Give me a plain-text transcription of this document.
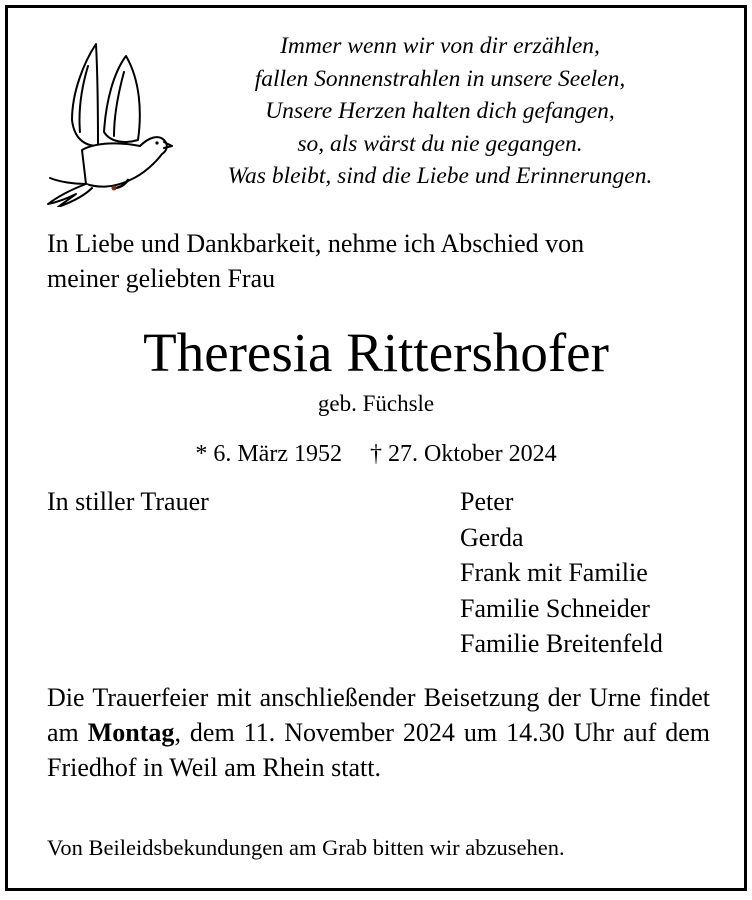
Immer wenn wir von dir erzählen,
fallen Sonnenstrahlen in unsere Seelen,
Unsere Herzen halten dich gefangen,
so, als wärst du nie gegangen.
Was bleibt, sind die Liebe und Erinnerungen.
In Liebe und Dankbarkeit, nehme ich Abschied von
meiner geliebten Frau
Theresia Rittershofer
geb. Füchsle
* 6. März 1952 † 27. Oktober 2024
In stiller Trauer	Peter
Gerda
Frank mit Familie
Familie Schneider
Familie Breitenfeld
Die Trauerfeier mit anschließender Beisetzung der Urne findet am Montag, dem 11. November 2024 um 14.30 Uhr auf dem Friedhof in Weil am Rhein statt.
Von Beileidsbekundungen am Grab bitten wir abzusehen.
